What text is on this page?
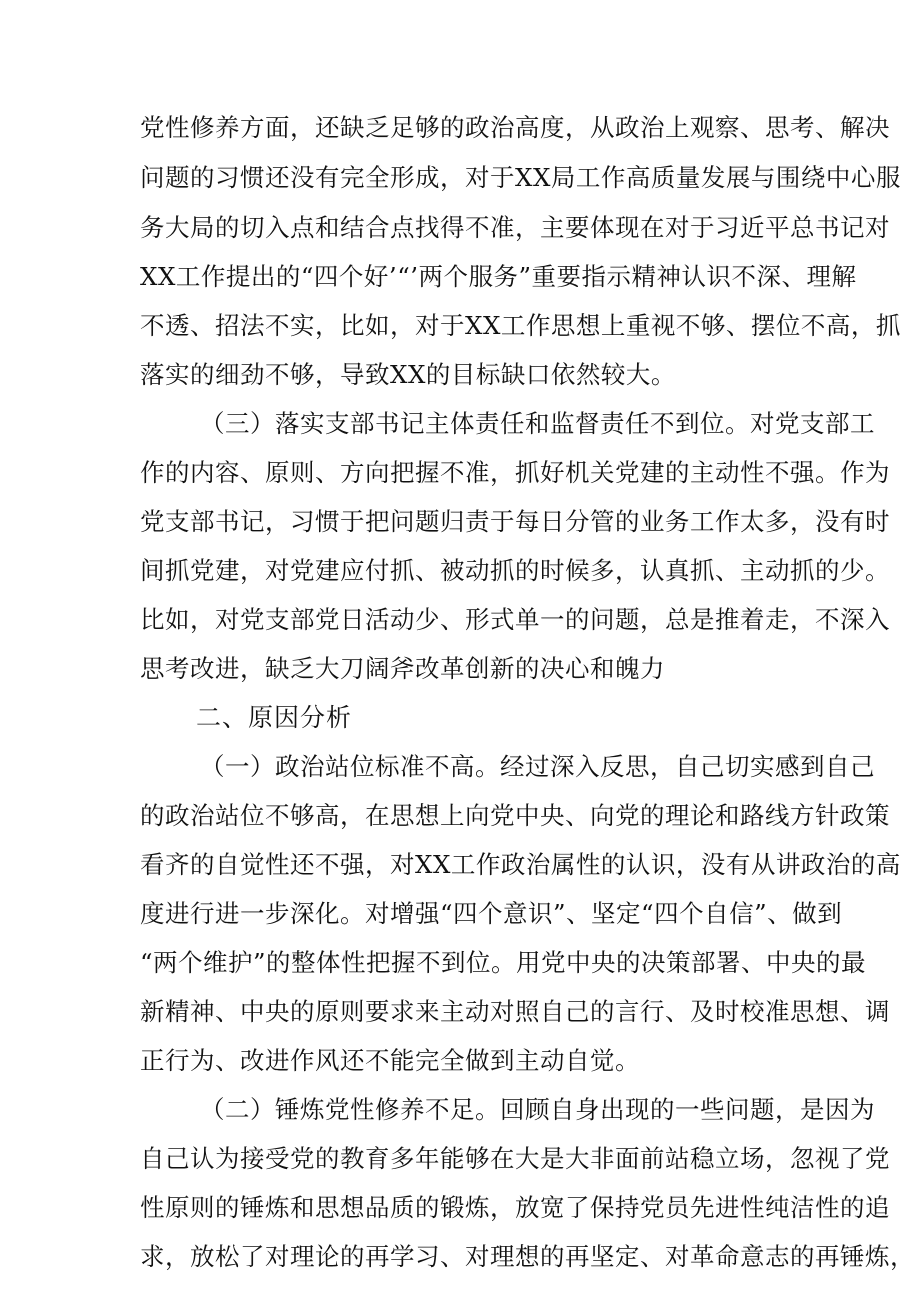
党性修养方面，还缺乏足够的政治高度，从政治上观察、思考、解决
问题的习惯还没有完全形成，对于XX局工作高质量发展与围绕中心服
务大局的切入点和结合点找得不准，主要体现在对于习近平总书记对
XX工作提出的“四个好’“’两个服务”重要指示精神认识不深、理解
不透、招法不实，比如，对于XX工作思想上重视不够、摆位不高，抓
落实的细劲不够，导致XX的目标缺口依然较大。
（三）落实支部书记主体责任和监督责任不到位。对党支部工
作的内容、原则、方向把握不准，抓好机关党建的主动性不强。作为
党支部书记，习惯于把问题归责于每日分管的业务工作太多，没有时
间抓党建，对党建应付抓、被动抓的时候多，认真抓、主动抓的少。
比如，对党支部党日活动少、形式单一的问题，总是推着走，不深入
思考改进，缺乏大刀阔斧改革创新的决心和魄力
二、原因分析
（一）政治站位标准不高。经过深入反思，自己切实感到自己
的政治站位不够高，在思想上向党中央、向党的理论和路线方针政策
看齐的自觉性还不强，对XX工作政治属性的认识，没有从讲政治的高
度进行进一步深化。对增强“四个意识”、坚定“四个自信”、做到
“两个维护”的整体性把握不到位。用党中央的决策部署、中央的最
新精神、中央的原则要求来主动对照自己的言行、及时校准思想、调
正行为、改进作风还不能完全做到主动自觉。
（二）锤炼党性修养不足。回顾自身出现的一些问题，是因为
自己认为接受党的教育多年能够在大是大非面前站稳立场，忽视了党
性原则的锤炼和思想品质的锻炼，放宽了保持党员先进性纯洁性的追
求，放松了对理论的再学习、对理想的再坚定、对革命意志的再锤炼，
